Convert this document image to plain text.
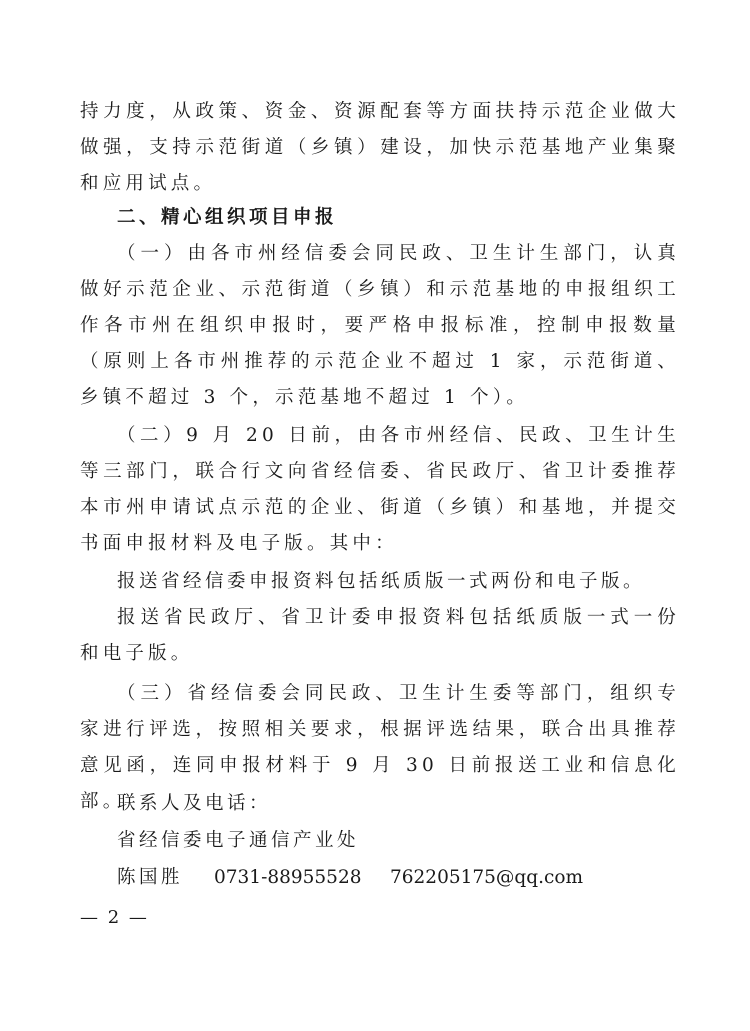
持力度，从政策、资金、资源配套等方面扶持示范企业做大做强，支持示范街道（乡镇）建设，加快示范基地产业集聚和应用试点。

二、精心组织项目申报

（一）由各市州经信委会同民政、卫生计生部门，认真做好示范企业、示范街道（乡镇）和示范基地的申报组织工作各市州在组织申报时，要严格申报标准，控制申报数量（原则上各市州推荐的示范企业不超过 1 家，示范街道、乡镇不超过 3 个，示范基地不超过 1 个）。

（二）9 月 20 日前，由各市州经信、民政、卫生计生等三部门，联合行文向省经信委、省民政厅、省卫计委推荐本市州申请试点示范的企业、街道（乡镇）和基地，并提交书面申报材料及电子版。其中：

报送省经信委申报资料包括纸质版一式两份和电子版。

报送省民政厅、省卫计委申报资料包括纸质版一式一份和电子版。

（三）省经信委会同民政、卫生计生委等部门，组织专家进行评选，按照相关要求，根据评选结果，联合出具推荐意见函，连同申报材料于 9 月 30 日前报送工业和信息化部。

联系人及电话：

省经信委电子通信产业处

陈国胜 0731-88955528 762205175@qq.com
— 2 —
